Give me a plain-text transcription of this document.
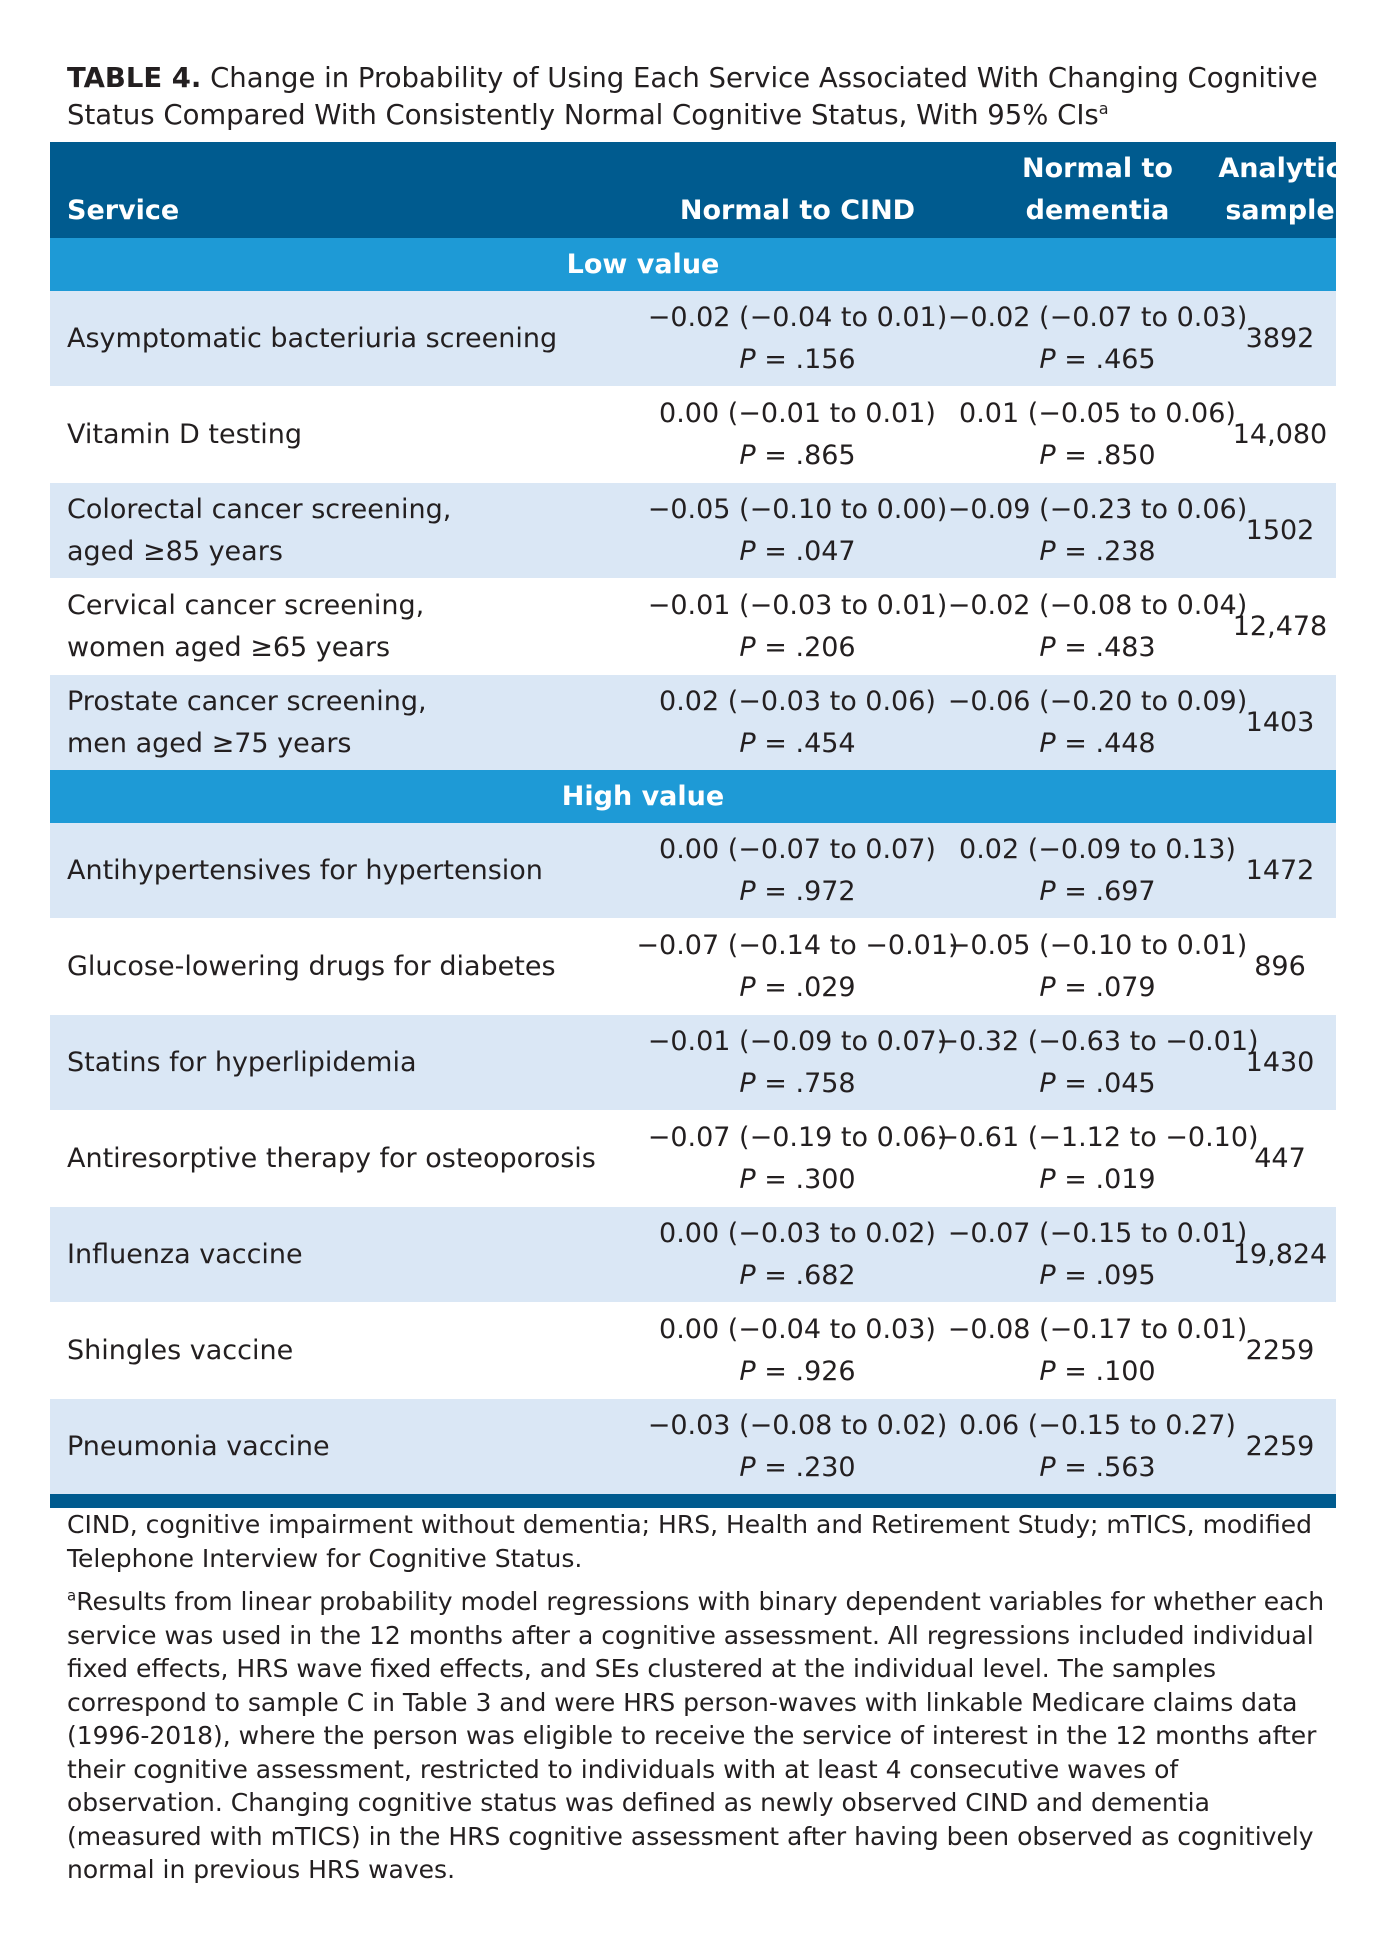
TABLE 4. Change in Probability of Using Each Service Associated With Changing Cognitive Status Compared With Consistently Normal Cognitive Status, With 95% CIs$^a$
Service	Normal to CIND
Normal to
dementia
Analytic
sample
Low value
Asymptomatic bacteriuria screening
−0.02 (−0.04 to 0.01)
P = .156
−0.02 (−0.07 to 0.03)
P = .465
3892
Vitamin D testing
0.00 (−0.01 to 0.01)
P = .865
0.01 (−0.05 to 0.06)
P = .850
14,080
Colorectal cancer screening,
aged ≥85 years
−0.05 (−0.10 to 0.00)
P = .047
−0.09 (−0.23 to 0.06)
P = .238
1502
Cervical cancer screening,
women aged ≥65 years
−0.01 (−0.03 to 0.01)
P = .206
−0.02 (−0.08 to 0.04)
P = .483
12,478
Prostate cancer screening,
men aged ≥75 years
0.02 (−0.03 to 0.06)
P = .454
−0.06 (−0.20 to 0.09)
P = .448
1403
High value
Antihypertensives for hypertension
0.00 (−0.07 to 0.07)
P = .972
0.02 (−0.09 to 0.13)
P = .697
1472
Glucose-lowering drugs for diabetes
−0.07 (−0.14 to −0.01)
P = .029
−0.05 (−0.10 to 0.01)
P = .079
896
Statins for hyperlipidemia
−0.01 (−0.09 to 0.07)
P = .758
−0.32 (−0.63 to −0.01)
P = .045
1430
Antiresorptive therapy for osteoporosis
−0.07 (−0.19 to 0.06)
P = .300
−0.61 (−1.12 to −0.10)
P = .019
447
Influenza vaccine
0.00 (−0.03 to 0.02)
P = .682
−0.07 (−0.15 to 0.01)
P = .095
19,824
Shingles vaccine
0.00 (−0.04 to 0.03)
P = .926
−0.08 (−0.17 to 0.01)
P = .100
2259
Pneumonia vaccine
−0.03 (−0.08 to 0.02)
P = .230
0.06 (−0.15 to 0.27)
P = .563
2259

CIND, cognitive impairment without dementia; HRS, Health and Retirement Study; mTICS, modified Telephone Interview for Cognitive Status.

$^a$Results from linear probability model regressions with binary dependent variables for whether each service was used in the 12 months after a cognitive assessment. All regressions included individual fixed effects, HRS wave fixed effects, and SEs clustered at the individual level. The samples correspond to sample C in Table 3 and were HRS person-waves with linkable Medicare claims data (1996-2018), where the person was eligible to receive the service of interest in the 12 months after their cognitive assessment, restricted to individuals with at least 4 consecutive waves of observation. Changing cognitive status was defined as newly observed CIND and dementia (measured with mTICS) in the HRS cognitive assessment after having been observed as cognitively normal in previous HRS waves.
